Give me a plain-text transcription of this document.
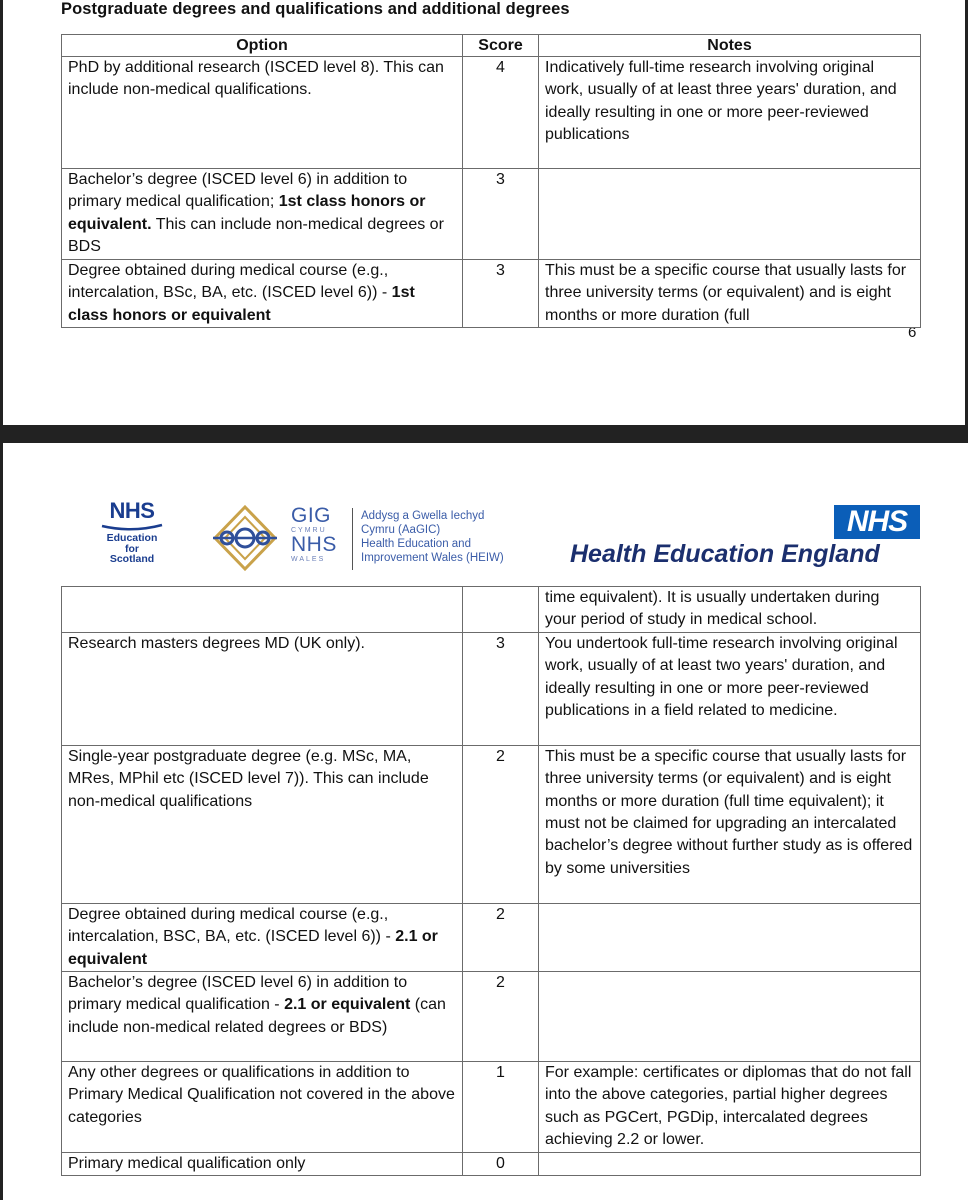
Postgraduate degrees and qualifications and additional degrees
6
Option	Score	Notes
PhD by additional research (ISCED level 8). This can include non-medical qualifications.	4	Indicatively full-time research involving original work, usually of at least three years' duration, and ideally resulting in one or more peer-reviewed publications
Bachelor’s degree (ISCED level 6) in addition to primary medical qualification; 1st class honors or equivalent. This can include non-medical degrees or BDS	3	
Degree obtained during medical course (e.g., intercalation, BSc, BA, etc. (ISCED level 6)) - 1st class honors or equivalent	3	This must be a specific course that usually lasts for three university terms (or equivalent) and is eight months or more duration (full
NHS
Education
for
Scotland
GIG
CYMRU
NHS
WALES
Addysg a Gwella Iechyd
Cymru (AaGIC)
Health Education and
Improvement Wales (HEIW)
NHS
Health Education England
		time equivalent). It is usually undertaken during your period of study in medical school.
Research masters degrees MD (UK only).	3	You undertook full-time research involving original work, usually of at least two years' duration, and ideally resulting in one or more peer-reviewed publications in a field related to medicine.
Single-year postgraduate degree (e.g. MSc, MA, MRes, MPhil etc (ISCED level 7)). This can include non-medical qualifications	2	This must be a specific course that usually lasts for three university terms (or equivalent) and is eight months or more duration (full time equivalent); it must not be claimed for upgrading an intercalated bachelor’s degree without further study as is offered by some universities
Degree obtained during medical course (e.g., intercalation, BSC, BA, etc. (ISCED level 6)) - 2.1 or equivalent	2	
Bachelor’s degree (ISCED level 6) in addition to primary medical qualification - 2.1 or equivalent (can include non-medical related degrees or BDS)	2	
Any other degrees or qualifications in addition to Primary Medical Qualification not covered in the above categories	1	For example: certificates or diplomas that do not fall into the above categories, partial higher degrees such as PGCert, PGDip, intercalated degrees achieving 2.2 or lower.
Primary medical qualification only	0	
